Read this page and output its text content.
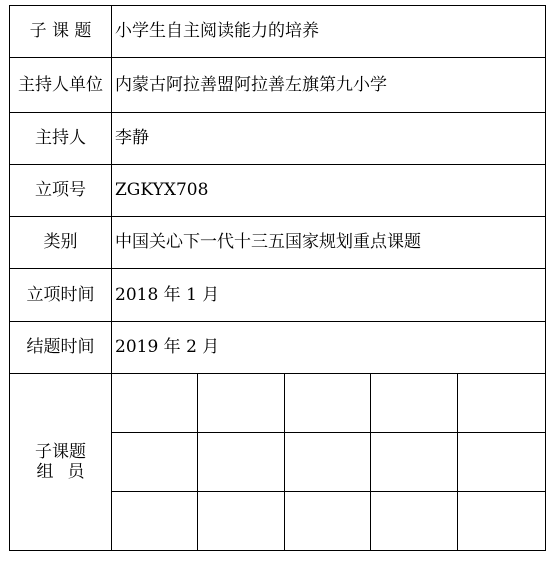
子 课 题	小学生自主阅读能力的培养				
主持人单位	内蒙古阿拉善盟阿拉善左旗第九小学				
主持人	李静				
立项号	ZGKYX708				
类别	中国关心下一代十三五国家规划重点课题				
立项时间	2018 年 1 月				
结题时间	2019 年 2 月				

子课题
组员					
